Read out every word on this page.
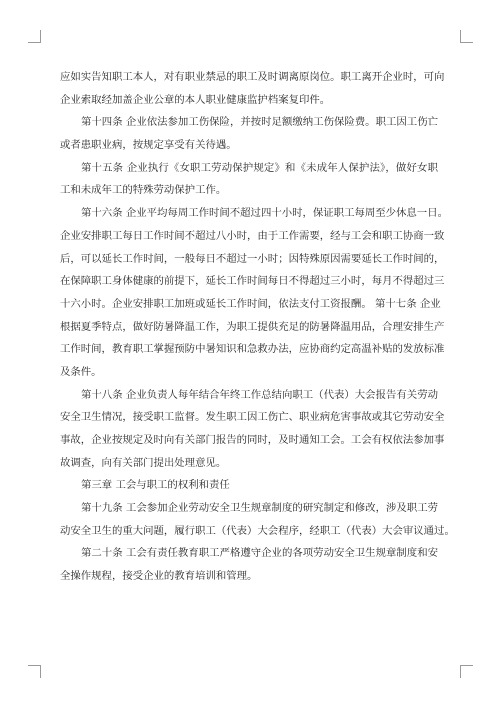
应如实告知职工本人，对有职业禁忌的职工及时调离原岗位。职工离开企业时，可向
企业索取经加盖企业公章的本人职业健康监护档案复印件。
第十四条 企业依法参加工伤保险，并按时足额缴纳工伤保险费。职工因工伤亡
或者患职业病，按规定享受有关待遇。
第十五条 企业执行《女职工劳动保护规定》和《未成年人保护法》，做好女职
工和未成年工的特殊劳动保护工作。
第十六条 企业平均每周工作时间不超过四十小时，保证职工每周至少休息一日。
企业安排职工每日工作时间不超过八小时，由于工作需要，经与工会和职工协商一致
后，可以延长工作时间，一般每日不超过一小时；因特殊原因需要延长工作时间的，
在保障职工身体健康的前提下，延长工作时间每日不得超过三小时，每月不得超过三
十六小时。企业安排职工加班或延长工作时间，依法支付工资报酬。 第十七条 企业
根据夏季特点，做好防暑降温工作，为职工提供充足的防暑降温用品，合理安排生产
工作时间，教育职工掌握预防中暑知识和急救办法，应协商约定高温补贴的发放标准
及条件。
第十八条 企业负责人每年结合年终工作总结向职工（代表）大会报告有关劳动
安全卫生情况，接受职工监督。发生职工因工伤亡、职业病危害事故或其它劳动安全
事故，企业按规定及时向有关部门报告的同时，及时通知工会。工会有权依法参加事
故调查，向有关部门提出处理意见。
第三章 工会与职工的权利和责任
第十九条 工会参加企业劳动安全卫生规章制度的研究制定和修改，涉及职工劳
动安全卫生的重大问题，履行职工（代表）大会程序，经职工（代表）大会审议通过。
第二十条 工会有责任教育职工严格遵守企业的各项劳动安全卫生规章制度和安
全操作规程，接受企业的教育培训和管理。
